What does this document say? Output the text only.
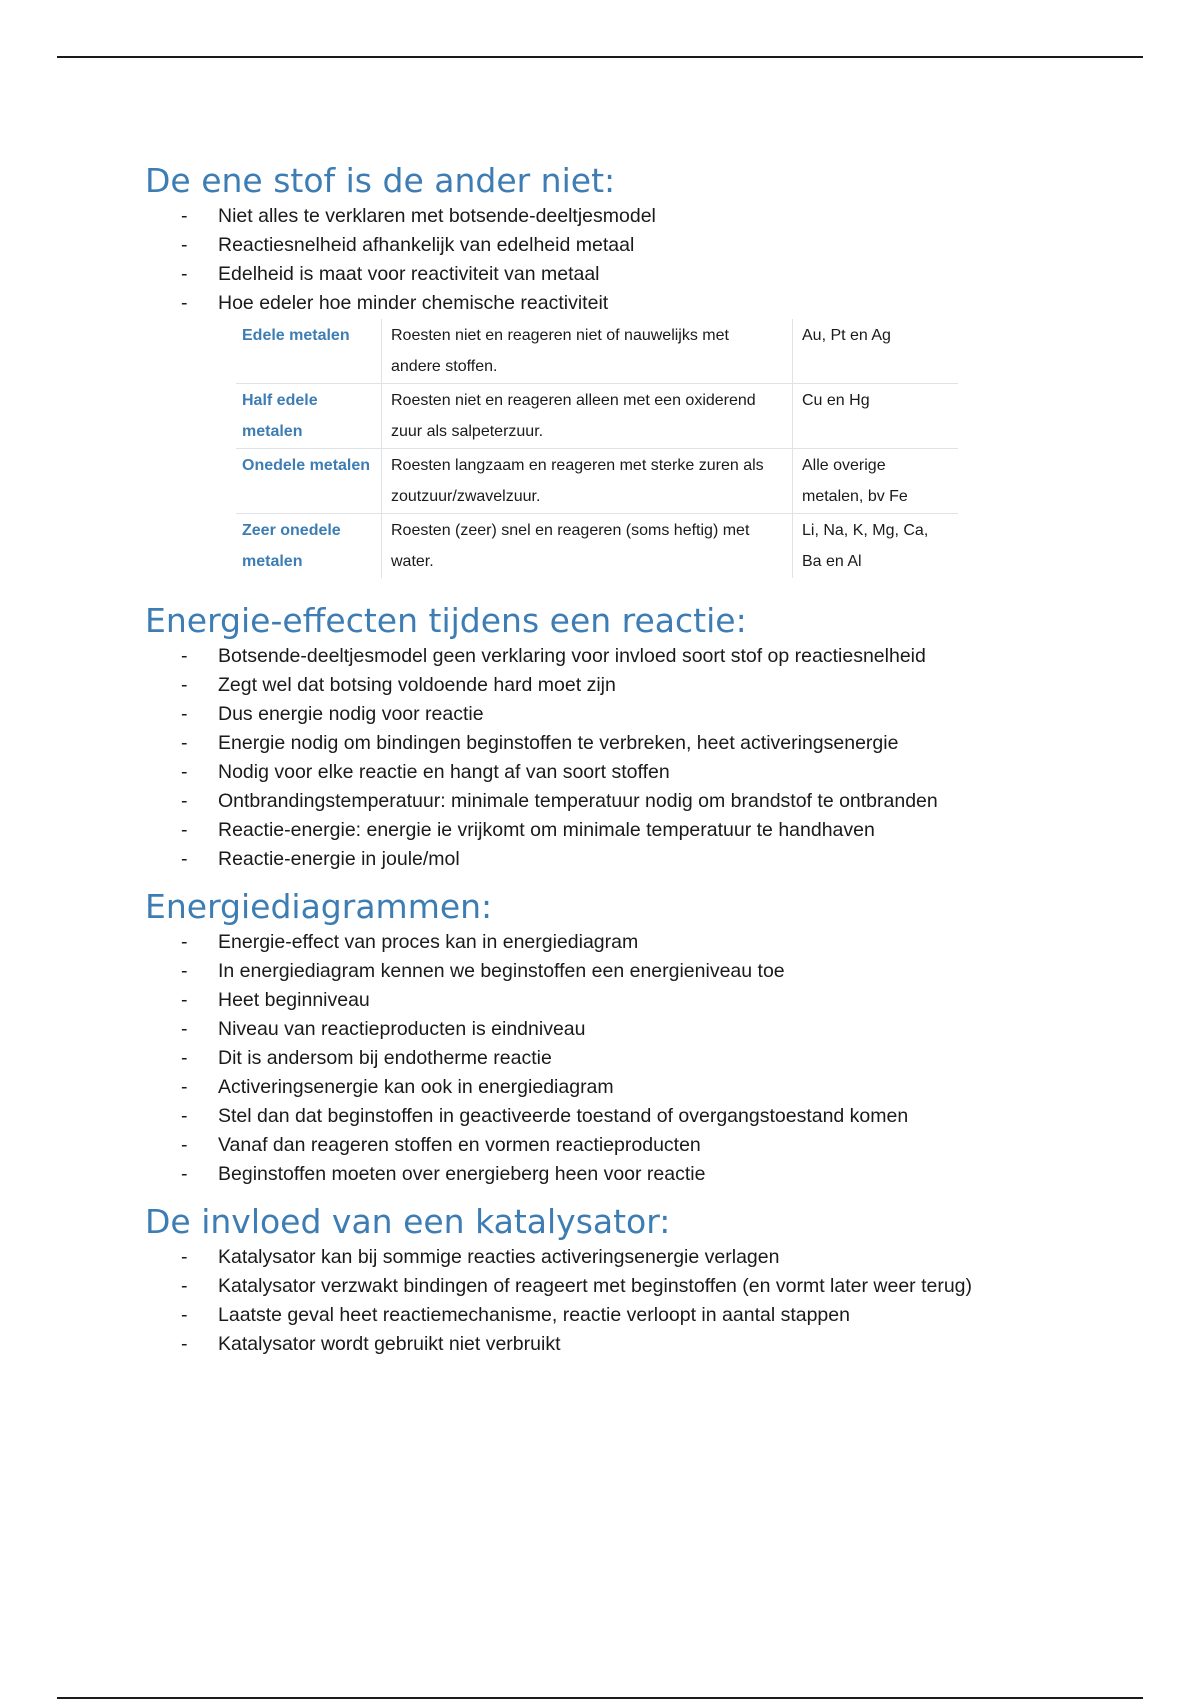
De ene stof is de ander niet:
- Niet alles te verklaren met botsende-deeltjesmodel
- Reactiesnelheid afhankelijk van edelheid metaal
- Edelheid is maat voor reactiviteit van metaal
- Hoe edeler hoe minder chemische reactiviteit
Edele metalen	Roesten niet en reageren niet of nauwelijks met andere stoffen.	Au, Pt en Ag
Half edele metalen	Roesten niet en reageren alleen met een oxiderend zuur als salpeterzuur.	Cu en Hg
Onedele metalen	Roesten langzaam en reageren met sterke zuren als zoutzuur/zwavelzuur.	Alle overige metalen, bv Fe
Zeer onedele metalen	Roesten (zeer) snel en reageren (soms heftig) met water.	Li, Na, K, Mg, Ca, Ba en Al
Energie-effecten tijdens een reactie:
- Botsende-deeltjesmodel geen verklaring voor invloed soort stof op reactiesnelheid
- Zegt wel dat botsing voldoende hard moet zijn
- Dus energie nodig voor reactie
- Energie nodig om bindingen beginstoffen te verbreken, heet activeringsenergie
- Nodig voor elke reactie en hangt af van soort stoffen
- Ontbrandingstemperatuur: minimale temperatuur nodig om brandstof te ontbranden
- Reactie-energie: energie ie vrijkomt om minimale temperatuur te handhaven
- Reactie-energie in joule/mol
Energiediagrammen:
- Energie-effect van proces kan in energiediagram
- In energiediagram kennen we beginstoffen een energieniveau toe
- Heet beginniveau
- Niveau van reactieproducten is eindniveau
- Dit is andersom bij endotherme reactie
- Activeringsenergie kan ook in energiediagram
- Stel dan dat beginstoffen in geactiveerde toestand of overgangstoestand komen
- Vanaf dan reageren stoffen en vormen reactieproducten
- Beginstoffen moeten over energieberg heen voor reactie
De invloed van een katalysator:
- Katalysator kan bij sommige reacties activeringsenergie verlagen
- Katalysator verzwakt bindingen of reageert met beginstoffen (en vormt later weer terug)
- Laatste geval heet reactiemechanisme, reactie verloopt in aantal stappen
- Katalysator wordt gebruikt niet verbruikt
